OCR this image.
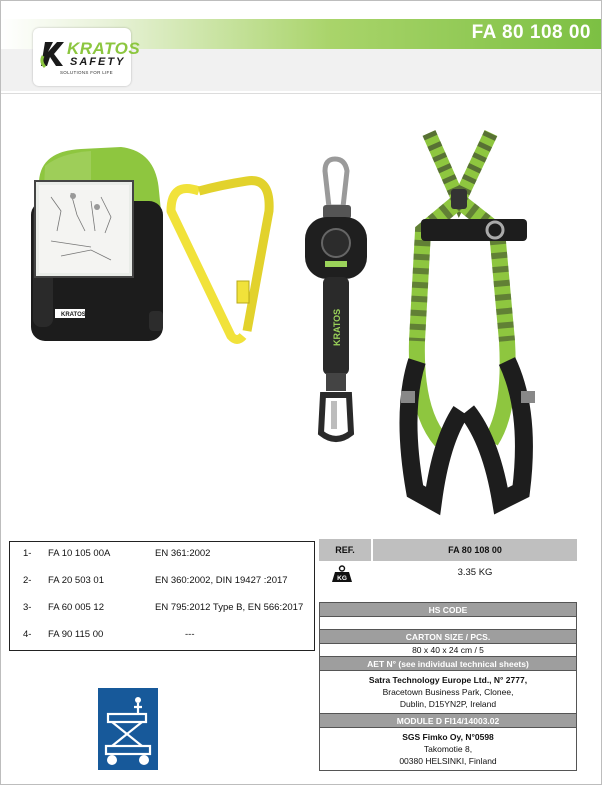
FA 80 108 00
KRATOS
SAFETY
SOLUTIONS FOR LIFE
KRATOS	KRATOS
1- FA 10 105 00A	EN 361:2002
2- FA 20 503 01	EN 360:2002, DIN 19427 :2017
3- FA 60 005 12	EN 795:2012 Type B, EN 566:2017
4- FA 90 115 00	---
REF.	FA 80 108 00
KG
3.35 KG
HS CODE
CARTON SIZE / PCS.
80 x 40 x 24 cm / 5
AET N° (see individual technical sheets)
Satra Technology Europe Ltd., N° 2777,
Bracetown Business Park, Clonee,
Dublin, D15YN2P, Ireland
MODULE D FI14/14003.02
SGS Fimko Oy, N°0598
Takomotie 8,
00380 HELSINKI, Finland
